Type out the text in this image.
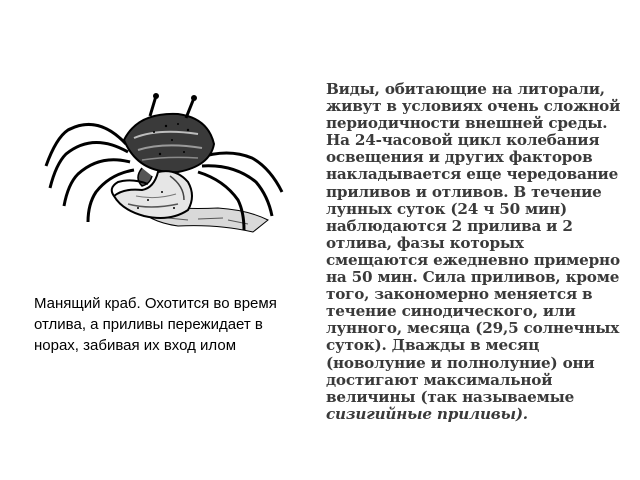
Манящий краб. Охотится во время отлива, а приливы пережидает в норах, забивая их вход илом
Виды, обитающие на литорали, живут в условиях очень сложной периодичности внешней среды. На 24-часовой цикл колебания освещения и других факторов накладывается еще чередование приливов и отливов. В течение лунных суток (24 ч 50 мин) наблюдаются 2 прилива и 2 отлива, фазы которых смещаются ежедневно примерно на 50 мин. Сила приливов, кроме того, закономерно меняется в течение синодического, или лунного, месяца (29,5 солнечных суток). Дважды в месяц (новолуние и полнолуние) они достигают максимальной величины (так называемые сизигийные приливы).
